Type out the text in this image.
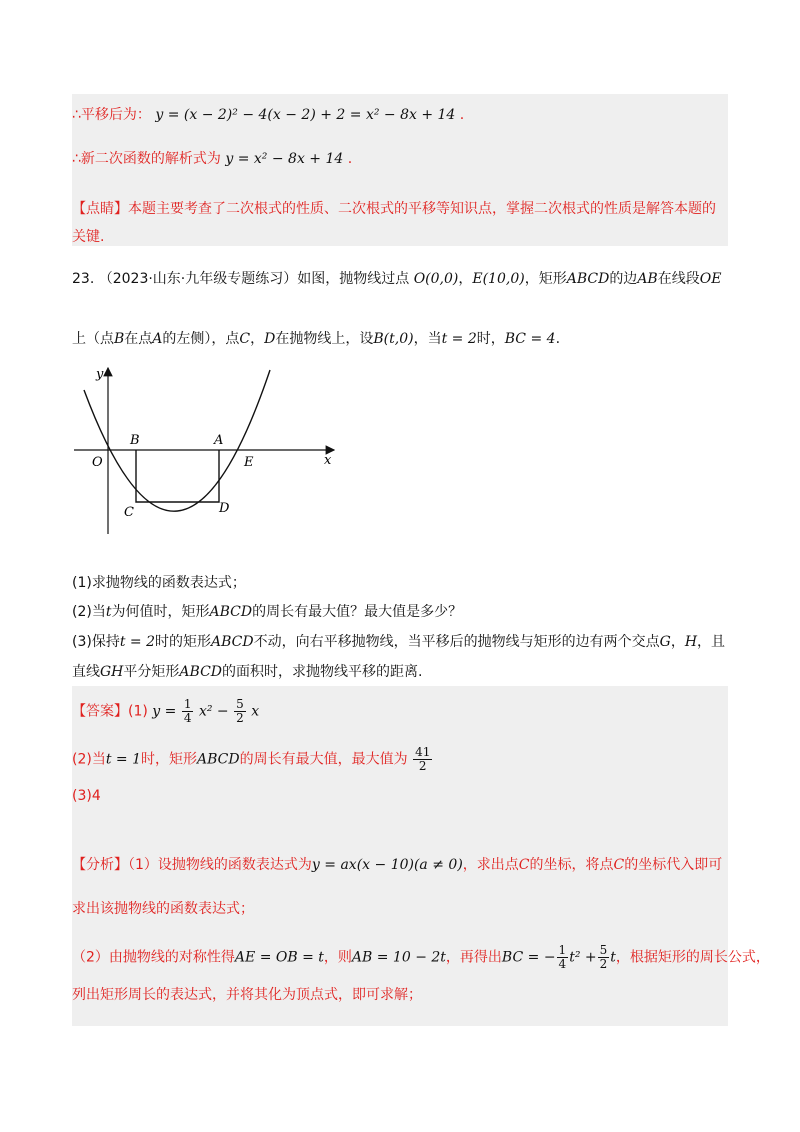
∴平移后为： y = (x − 2)² − 4(x − 2) + 2 = x² − 8x + 14 .
∴新二次函数的解析式为 y = x² − 8x + 14 .
【点睛】本题主要考查了二次根式的性质、二次根式的平移等知识点，掌握二次根式的性质是解答本题的
关键.
23. （2023·山东·九年级专题练习）如图，抛物线过点 O(0,0)，E(10,0)，矩形ABCD的边AB在线段OE
上（点B在点A的左侧），点C，D在抛物线上，设B(t,0)，当t = 2时，BC = 4.
y
x
O
B	A
E
C	D
(1)求抛物线的函数表达式；
(2)当t为何值时，矩形ABCD的周长有最大值？最大值是多少？
(3)保持t = 2时的矩形ABCD不动，向右平移抛物线，当平移后的抛物线与矩形的边有两个交点G，H，且
直线GH平分矩形ABCD的面积时，求抛物线平移的距离.
【答案】(1) $y = \frac{1}{4} x^2 - \frac{5}{2}$ x
(2)当t = 1时，矩形ABCD的周长有最大值，最大值为 $\frac{41}{2}$
(3)4
【分析】（1）设抛物线的函数表达式为y = ax(x − 10)(a ≠ 0)，求出点C的坐标，将点C的坐标代入即可
求出该抛物线的函数表达式；
（2）由抛物线的对称性得AE = OB = t，则AB = 10 − 2t，再得出BC = − $\frac{1}{4} t^2 + \frac{5}{2}$ t，根据矩形的周长公式，
列出矩形周长的表达式，并将其化为顶点式，即可求解；
